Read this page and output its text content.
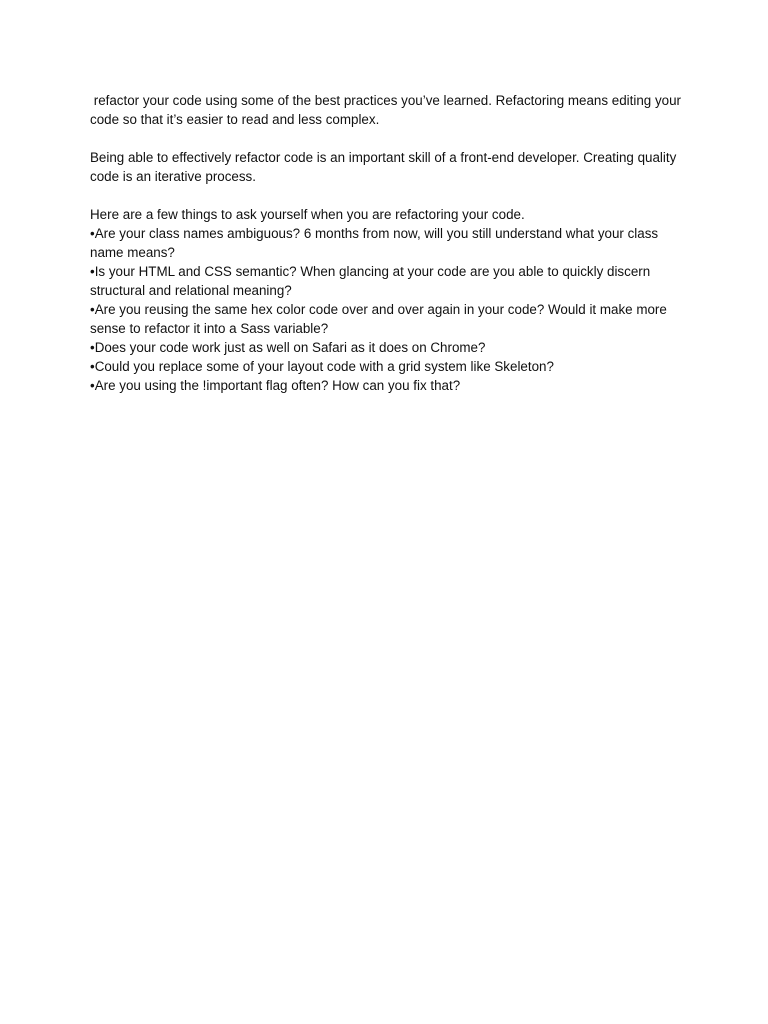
refactor your code using some of the best practices you’ve learned. Refactoring means editing your code so that it’s easier to read and less complex.

Being able to effectively refactor code is an important skill of a front-end developer. Creating quality code is an iterative process.

Here are a few things to ask yourself when you are refactoring your code.

•Are your class names ambiguous? 6 months from now, will you still understand what your class name means?
•Is your HTML and CSS semantic? When glancing at your code are you able to quickly discern structural and relational meaning?
•Are you reusing the same hex color code over and over again in your code? Would it make more sense to refactor it into a Sass variable?
•Does your code work just as well on Safari as it does on Chrome?
•Could you replace some of your layout code with a grid system like Skeleton?
•Are you using the !important flag often? How can you fix that?
